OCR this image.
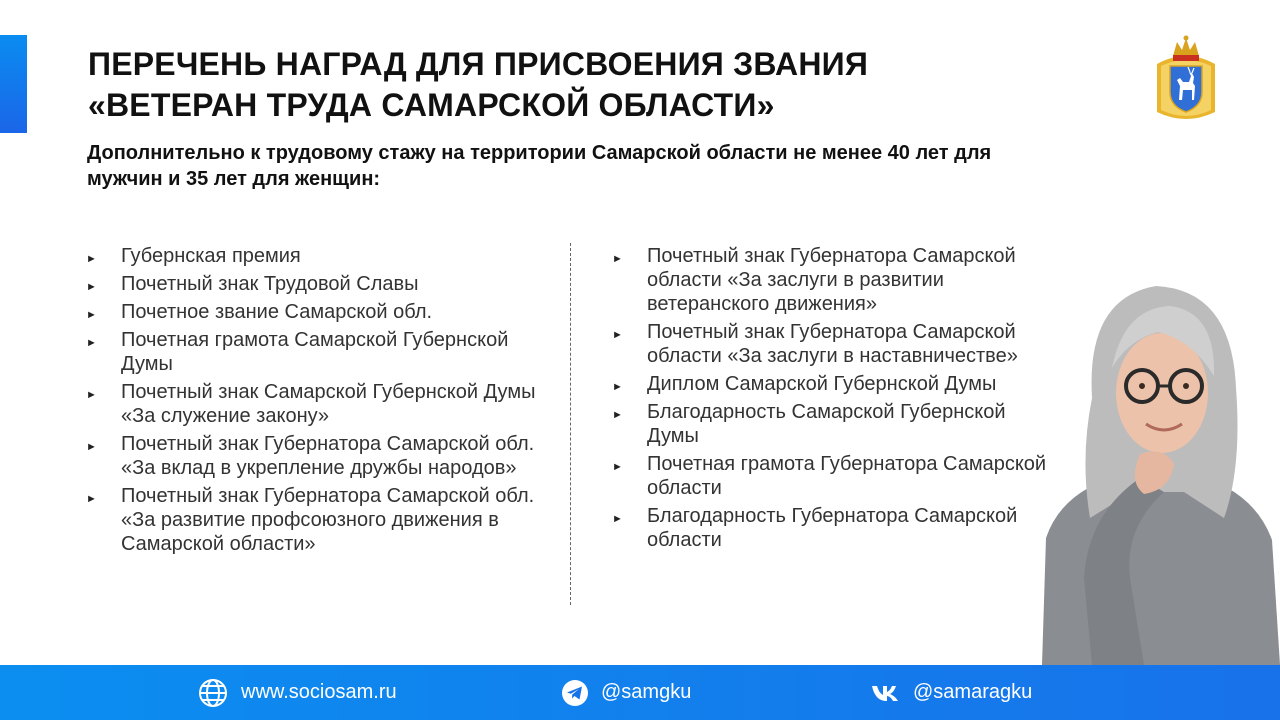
ПЕРЕЧЕНЬ НАГРАД ДЛЯ ПРИСВОЕНИЯ ЗВАНИЯ
«ВЕТЕРАН ТРУДА САМАРСКОЙ ОБЛАСТИ»

Дополнительно к трудовому стажу на территории Самарской области не менее 40 лет для мужчин и 35 лет для женщин:

► Губернская премия
► Почетный знак Трудовой Славы
► Почетное звание Самарской обл.
► Почетная грамота Самарской Губернской Думы
► Почетный знак Самарской Губернской Думы «За служение закону»
► Почетный знак Губернатора Самарской обл. «За вклад в укрепление дружбы народов»
► Почетный знак Губернатора Самарской обл. «За развитие профсоюзного движения в Самарской области»
► Почетный знак Губернатора Самарской области «За заслуги в развитии ветеранского движения»
► Почетный знак Губернатора Самарской области «За заслуги в наставничестве»
► Диплом Самарской Губернской Думы
► Благодарность Самарской Губернской Думы
► Почетная грамота Губернатора Самарской области
► Благодарность Губернатора Самарской области
www.sociosam.ru	@samgku	@samaragku
